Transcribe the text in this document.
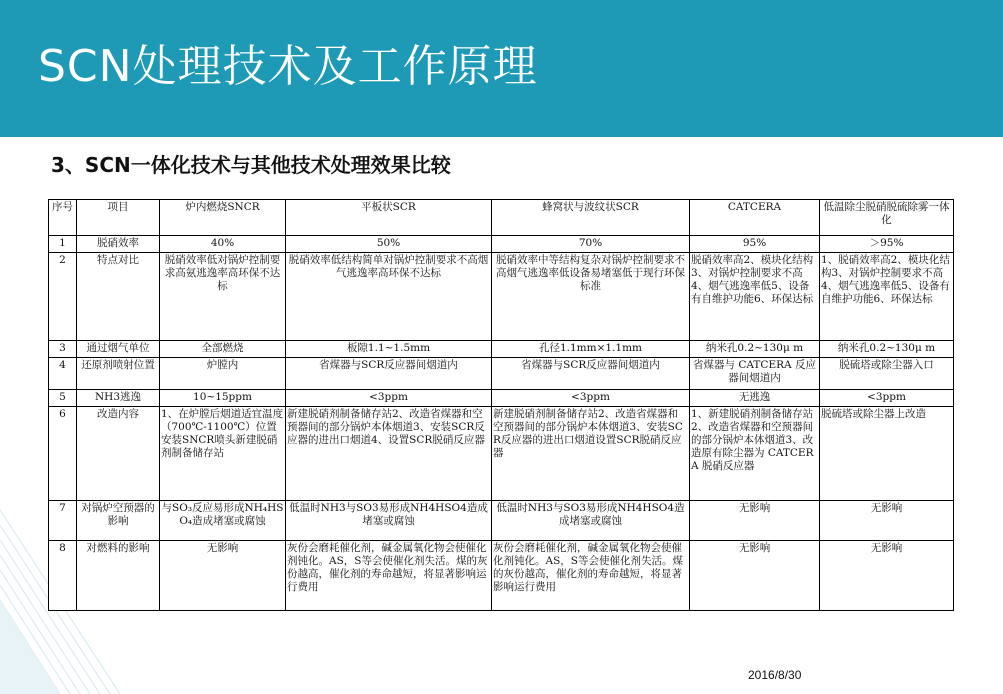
SCN处理技术及工作原理
3、SCN一体化技术与其他技术处理效果比较
序号	项目	炉内燃烧SNCR	平板状SCR	蜂窝状与波纹状SCR	CATCERA	低温除尘脱硝脱硫除雾一体化
1	脱硝效率	40%	50%	70%	95%	＞95%
2	特点对比	脱硝效率低对锅炉控制要求高氨逃逸率高环保不达标	脱硝效率低结构简单对锅炉控制要求不高烟气逃逸率高环保不达标	脱硝效率中等结构复杂对锅炉控制要求不高烟气逃逸率低设备易堵塞低于现行环保标准	脱硝效率高2、模块化结构3、对锅炉控制要求不高4、烟气逃逸率低5、设备有自维护功能6、环保达标	1、脱硝效率高2、模块化结构3、对锅炉控制要求不高4、烟气逃逸率低5、设备有自维护功能6、环保达标
3	通过烟气单位	全部燃烧	板隙1.1~1.5mm	孔径1.1mm×1.1mm	纳米孔0.2~130μ m	纳米孔0.2~130μ m
4	还原剂喷射位置	炉膛内	省煤器与SCR反应器间烟道内	省煤器与SCR反应器间烟道内	省煤器与 CATCERA 反应器间烟道内	脱硫塔或除尘器入口
5	NH3逃逸	10~15ppm	<3ppm	<3ppm	无逃逸	<3ppm
6	改造内容	1、在炉膛后烟道适宜温度（700℃-1100℃）位置安装SNCR喷头新建脱硝剂制备储存站	新建脱硝剂制备储存站2、改造省煤器和空预器间的部分锅炉本体烟道3、安装SCR反应器的进出口烟道4、设置SCR脱硝反应器	新建脱硝剂制备储存站2、改造省煤器和空预器间的部分锅炉本体烟道3、安装SCR反应器的进出口烟道设置SCR脱硝反应器	1、新建脱硝剂制备储存站2、改造省煤器和空预器间的部分锅炉本体烟道3、改造原有除尘器为 CATCERA 脱硝反应器	脱硫塔或除尘器上改造
7	对锅炉空预器的影响	与SO₃反应易形成NH₄HSO₄造成堵塞或腐蚀	低温时NH3与SO3易形成NH4HSO4造成堵塞或腐蚀	低温时NH3与SO3易形成NH4HSO4造成堵塞或腐蚀	无影响	无影响
8	对燃料的影响	无影响	灰份会磨耗催化剂，碱金属氧化物会使催化剂钝化。AS，S等会使催化剂失活。煤的灰份越高，催化剂的寿命越短，将显著影响运行费用	灰份会磨耗催化剂，碱金属氧化物会使催化剂钝化。AS，S等会使催化剂失活。煤的灰份越高，催化剂的寿命越短，将显著影响运行费用	无影响	无影响
2016/8/30
